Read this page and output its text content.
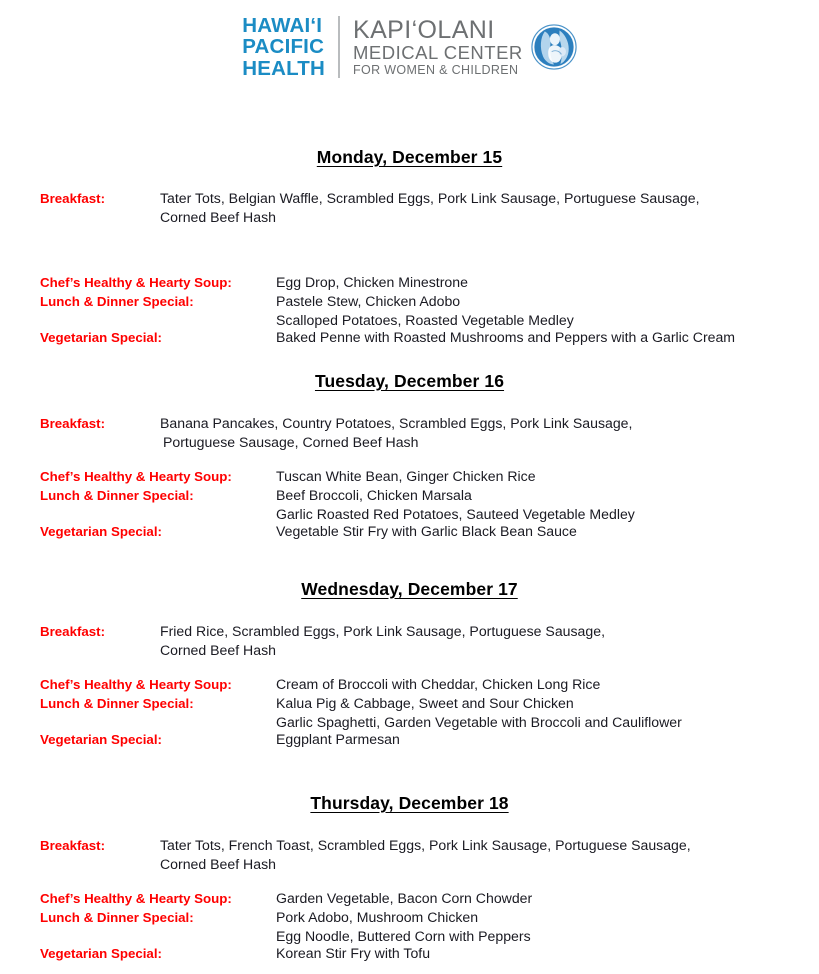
HAWAI‘I
PACIFIC
HEALTH
KAPI‘OLANI
MEDICAL CENTER
FOR WOMEN & CHILDREN
Monday, December 15
Breakfast:	Tater Tots, Belgian Waffle, Scrambled Eggs, Pork Link Sausage, Portuguese Sausage,
Corned Beef Hash
Chef’s Healthy & Hearty Soup:	Egg Drop, Chicken Minestrone
Lunch & Dinner Special:	Pastele Stew, Chicken Adobo
Scalloped Potatoes, Roasted Vegetable Medley
Vegetarian Special:	Baked Penne with Roasted Mushrooms and Peppers with a Garlic Cream
Tuesday, December 16
Breakfast:	Banana Pancakes, Country Potatoes, Scrambled Eggs, Pork Link Sausage,
Portuguese Sausage, Corned Beef Hash
Chef’s Healthy & Hearty Soup:	Tuscan White Bean, Ginger Chicken Rice
Lunch & Dinner Special:	Beef Broccoli, Chicken Marsala
Garlic Roasted Red Potatoes, Sauteed Vegetable Medley
Vegetarian Special:	Vegetable Stir Fry with Garlic Black Bean Sauce
Wednesday, December 17
Breakfast:	Fried Rice, Scrambled Eggs, Pork Link Sausage, Portuguese Sausage,
Corned Beef Hash
Chef’s Healthy & Hearty Soup:	Cream of Broccoli with Cheddar, Chicken Long Rice
Lunch & Dinner Special:	Kalua Pig & Cabbage, Sweet and Sour Chicken
Garlic Spaghetti, Garden Vegetable with Broccoli and Cauliflower
Vegetarian Special:	Eggplant Parmesan
Thursday, December 18
Breakfast:	Tater Tots, French Toast, Scrambled Eggs, Pork Link Sausage, Portuguese Sausage,
Corned Beef Hash
Chef’s Healthy & Hearty Soup:	Garden Vegetable, Bacon Corn Chowder
Lunch & Dinner Special:	Pork Adobo, Mushroom Chicken
Egg Noodle, Buttered Corn with Peppers
Vegetarian Special:	Korean Stir Fry with Tofu
